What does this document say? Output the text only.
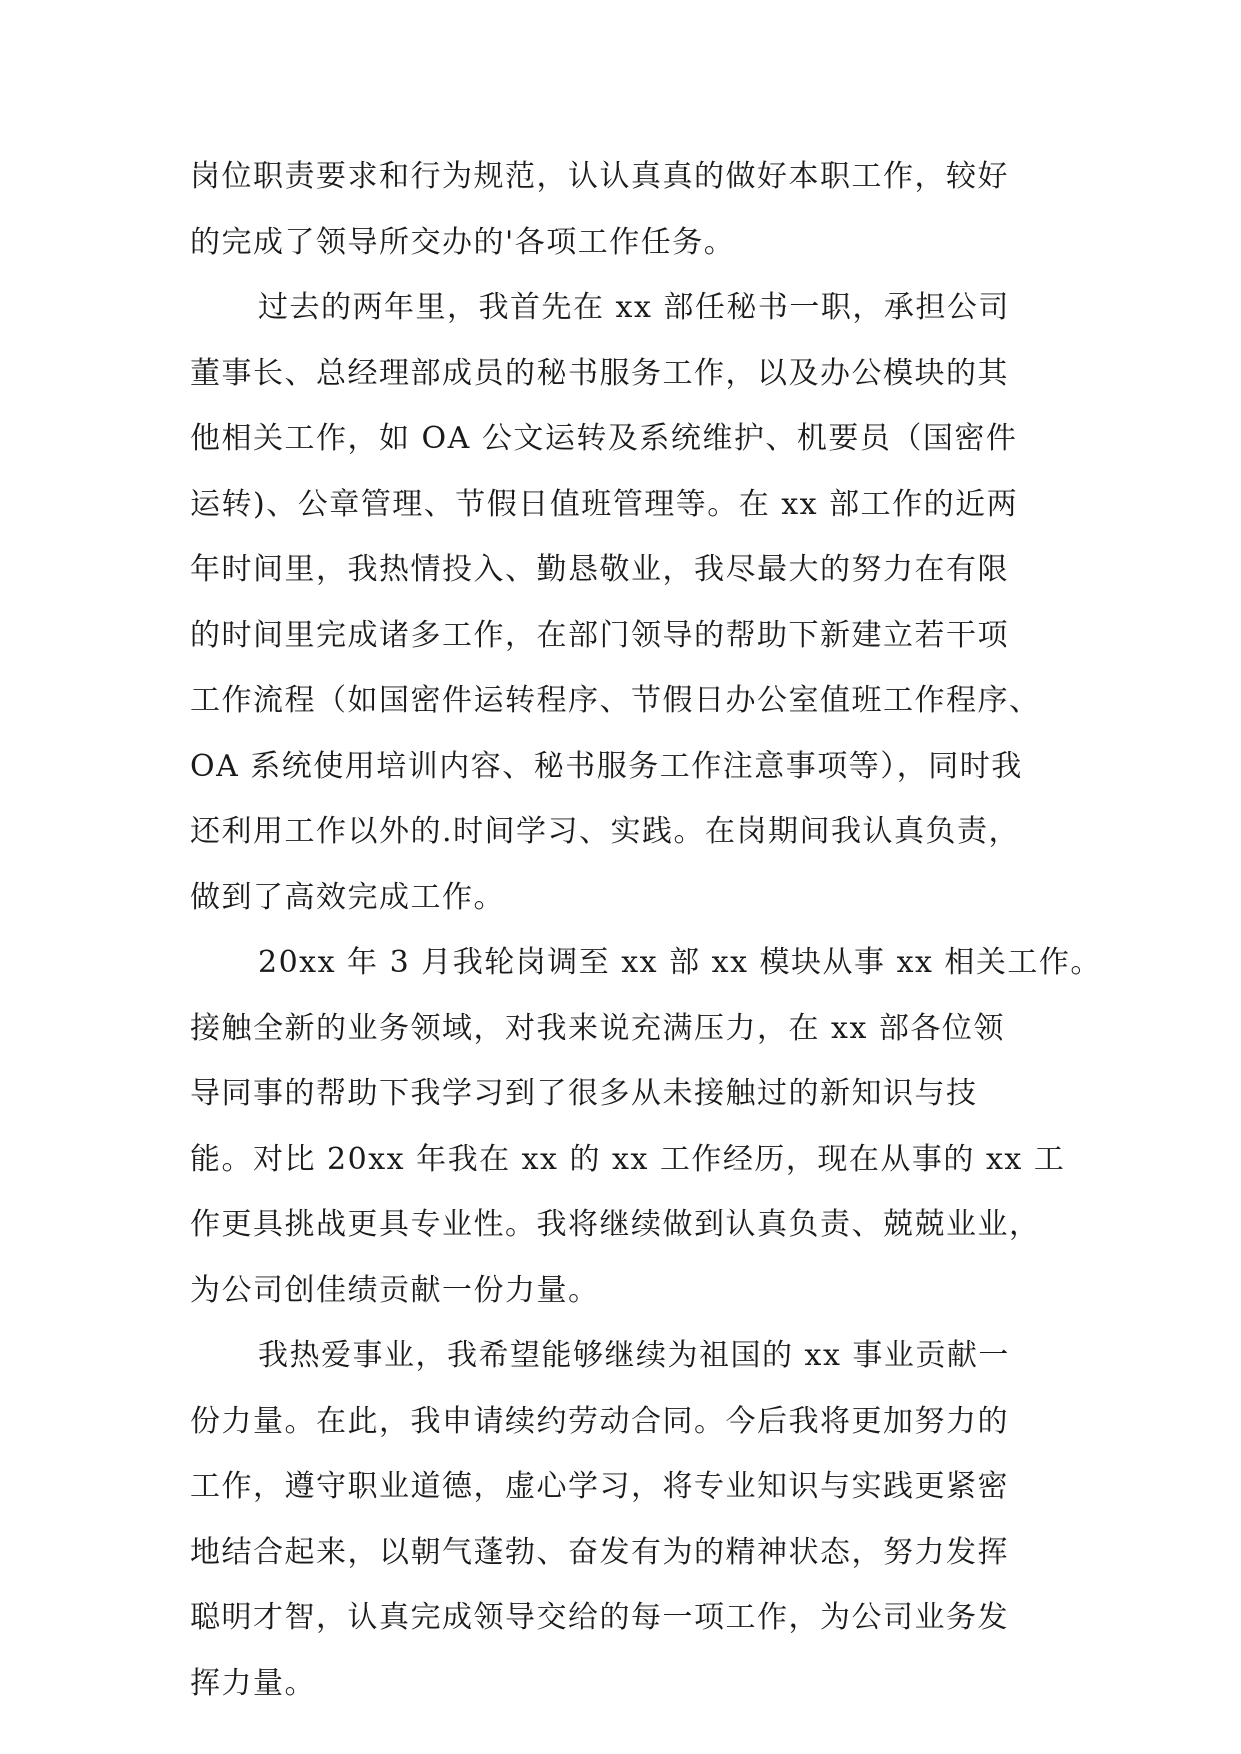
岗位职责要求和行为规范，认认真真的做好本职工作，较好
的完成了领导所交办的'各项工作任务。
过去的两年里，我首先在 xx 部任秘书一职，承担公司
董事长、总经理部成员的秘书服务工作，以及办公模块的其
他相关工作，如 OA 公文运转及系统维护、机要员（国密件
运转)、公章管理、节假日值班管理等。在 xx 部工作的近两
年时间里，我热情投入、勤恳敬业，我尽最大的努力在有限
的时间里完成诸多工作，在部门领导的帮助下新建立若干项
工作流程（如国密件运转程序、节假日办公室值班工作程序、
OA 系统使用培训内容、秘书服务工作注意事项等），同时我
还利用工作以外的.时间学习、实践。在岗期间我认真负责，
做到了高效完成工作。
20xx 年 3 月我轮岗调至 xx 部 xx 模块从事 xx 相关工作。
接触全新的业务领域，对我来说充满压力，在 xx 部各位领
导同事的帮助下我学习到了很多从未接触过的新知识与技
能。对比 20xx 年我在 xx 的 xx 工作经历，现在从事的 xx 工
作更具挑战更具专业性。我将继续做到认真负责、兢兢业业，
为公司创佳绩贡献一份力量。
我热爱事业，我希望能够继续为祖国的 xx 事业贡献一
份力量。在此，我申请续约劳动合同。今后我将更加努力的
工作，遵守职业道德，虚心学习，将专业知识与实践更紧密
地结合起来，以朝气蓬勃、奋发有为的精神状态，努力发挥
聪明才智，认真完成领导交给的每一项工作，为公司业务发
挥力量。
